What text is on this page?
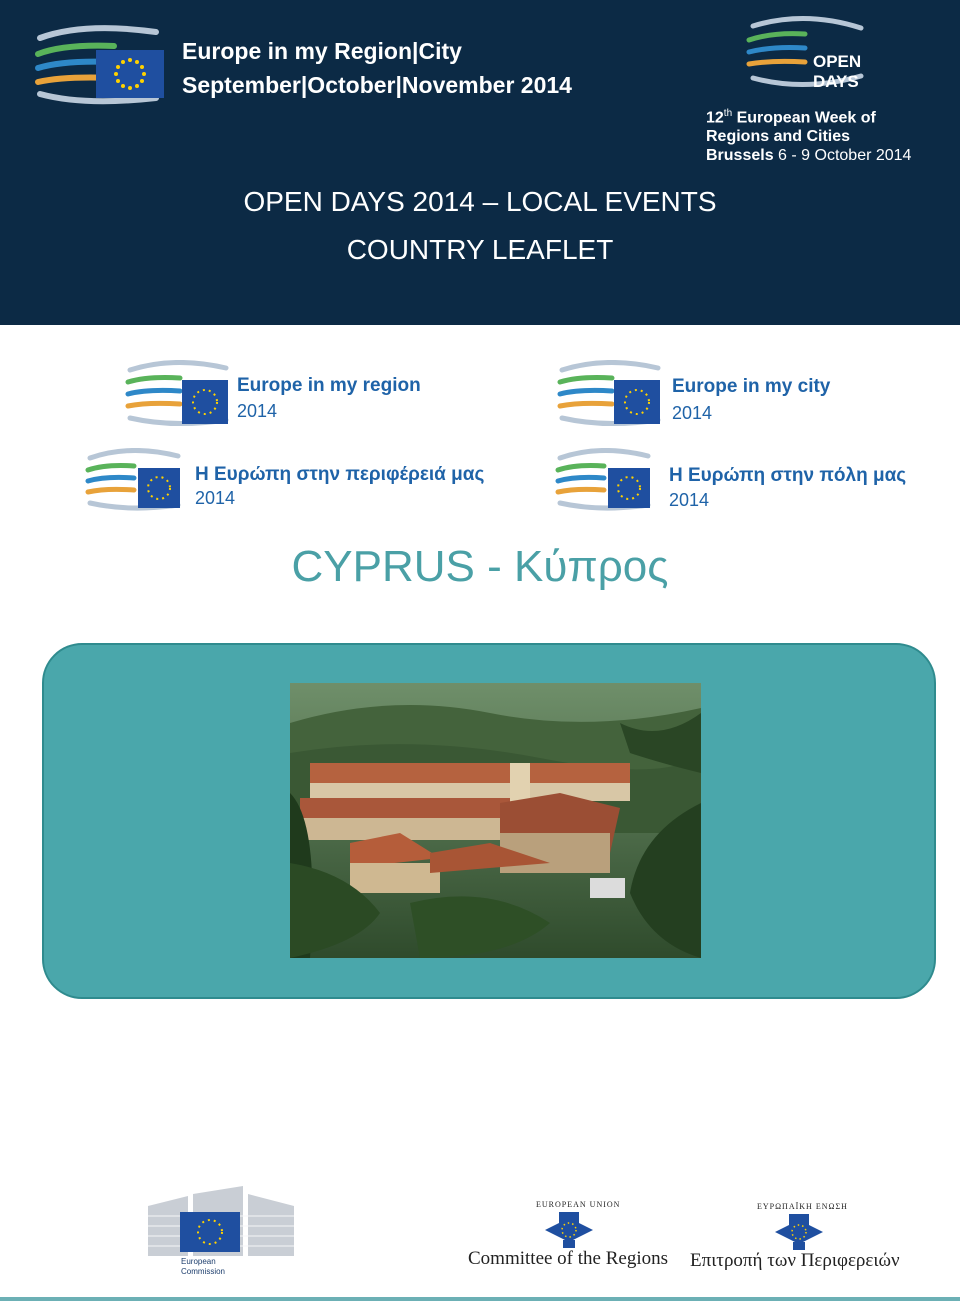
Europe in my Region|City
September|October|November 2014
OPEN
DAYS
12th European Week of
Regions and Cities
Brussels 6 - 9 October 2014
OPEN DAYS 2014 – LOCAL EVENTS
COUNTRY LEAFLET
Europe in my region
2014
Europe in my city
2014
Η Ευρώπη στην περιφέρειά μας
2014
Η Ευρώπη στην πόλη μας
2014
CYPRUS - Κύπρος
European
Commission
EUROPEAN UNION
Committee of the Regions
ΕΥΡΩΠΑΪΚΗ ΕΝΩΣΗ
Επιτροπή των Περιφερειών
